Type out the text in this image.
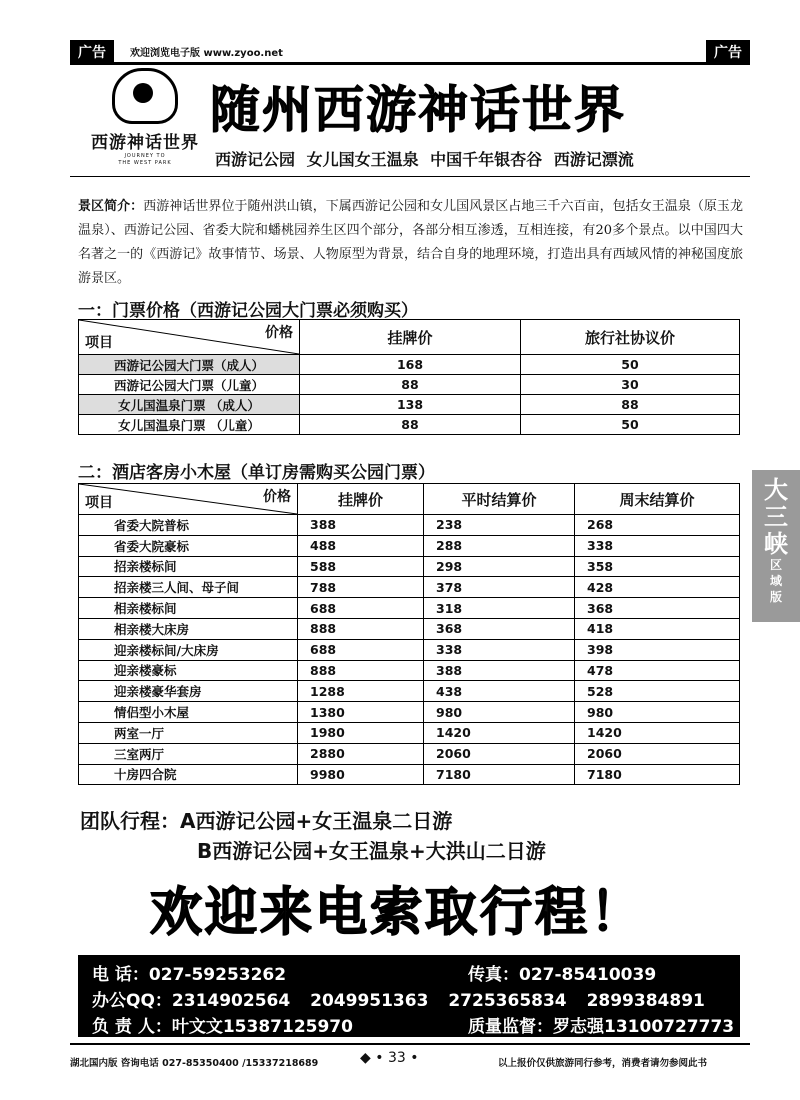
广告	欢迎浏览电子版 www.zyoo.net	广告
西游神话世界
JOURNEY TO
THE WEST PARK
随州西游神话世界
西游记公园 女儿国女王温泉 中国千年银杏谷 西游记漂流
景区简介：西游神话世界位于随州洪山镇，下属西游记公园和女儿国风景区占地三千六百亩，包括女王温泉（原玉龙温泉）、西游记公园、省委大院和蟠桃园养生区四个部分，各部分相互渗透，互相连接，有20多个景点。以中国四大名著之一的《西游记》故事情节、场景、人物原型为背景，结合自身的地理环境，打造出具有西域风情的神秘国度旅游景区。
一：门票价格（西游记公园大门票必须购买）
价格
项目	挂牌价	旅行社协议价
西游记公园大门票（成人）	168	50
西游记公园大门票（儿童）	88	30
女儿国温泉门票 （成人）	138	88
女儿国温泉门票 （儿童）	88	50
二：酒店客房小木屋（单订房需购买公园门票）
价格
项目	挂牌价	平时结算价	周末结算价
省委大院普标	388	238	268
省委大院豪标	488	288	338
招亲楼标间	588	298	358
招亲楼三人间、母子间	788	378	428
相亲楼标间	688	318	368
相亲楼大床房	888	368	418
迎亲楼标间/大床房	688	338	398
迎亲楼豪标	888	388	478
迎亲楼豪华套房	1288	438	528
情侣型小木屋	1380	980	980
两室一厅	1980	1420	1420
三室两厅	2880	2060	2060
十房四合院	9980	7180	7180
大
三
峡
区
域
版
团队行程：A西游记公园+女王温泉二日游
B西游记公园+女王温泉+大洪山二日游
欢迎来电索取行程！
电 话：027-59253262	传真：027-85410039
办公QQ：2314902564 2049951363 2725365834 2899384891
负 责 人：叶文文15387125970	质量监督：罗志强13100727773
湖北国内版 咨询电话 027-85350400 /15337218689	◆ • 33 •	以上报价仅供旅游同行参考，消费者请勿参阅此书
